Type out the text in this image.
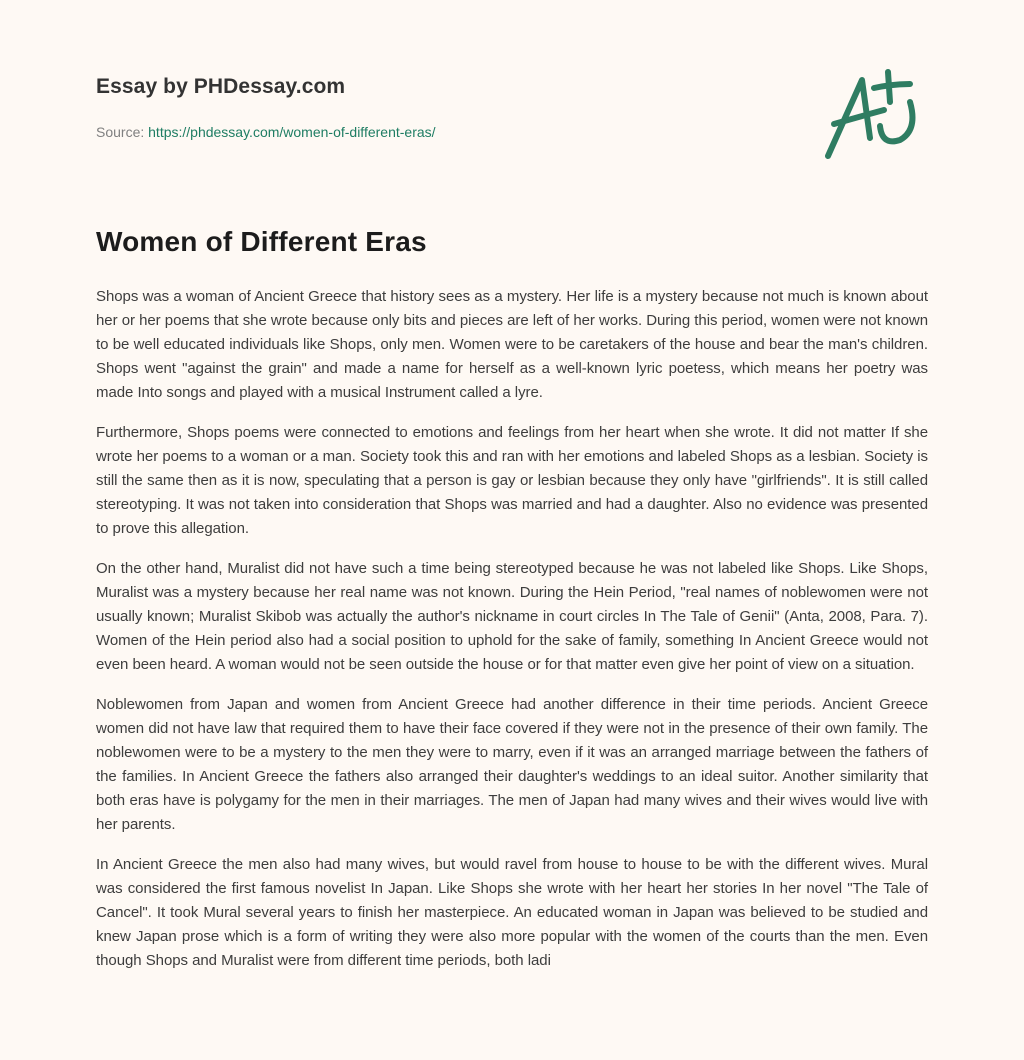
Essay by PHDessay.com
Source: https://phdessay.com/women-of-different-eras/
Women of Different Eras

Shops was a woman of Ancient Greece that history sees as a mystery. Her life is a mystery because not much is known about her or her poems that she wrote because only bits and pieces are left of her works. During this period, women were not known to be well educated individuals like Shops, only men. Women were to be caretakers of the house and bear the man's children. Shops went "against the grain" and made a name for herself as a well-known lyric poetess, which means her poetry was made Into songs and played with a musical Instrument called a lyre.

Furthermore, Shops poems were connected to emotions and feelings from her heart when she wrote. It did not matter If she wrote her poems to a woman or a man. Society took this and ran with her emotions and labeled Shops as a lesbian. Society is still the same then as it is now, speculating that a person is gay or lesbian because they only have "girlfriends". It is still called stereotyping. It was not taken into consideration that Shops was married and had a daughter. Also no evidence was presented to prove this allegation.

On the other hand, Muralist did not have such a time being stereotyped because he was not labeled like Shops. Like Shops, Muralist was a mystery because her real name was not known. During the Hein Period, "real names of noblewomen were not usually known; Muralist Skibob was actually the author's nickname in court circles In The Tale of Genii" (Anta, 2008, Para. 7). Women of the Hein period also had a social position to uphold for the sake of family, something In Ancient Greece would not even been heard. A woman would not be seen outside the house or for that matter even give her point of view on a situation.

Noblewomen from Japan and women from Ancient Greece had another difference in their time periods. Ancient Greece women did not have law that required them to have their face covered if they were not in the presence of their own family. The noblewomen were to be a mystery to the men they were to marry, even if it was an arranged marriage between the fathers of the families. In Ancient Greece the fathers also arranged their daughter's weddings to an ideal suitor. Another similarity that both eras have is polygamy for the men in their marriages. The men of Japan had many wives and their wives would live with her parents.

In Ancient Greece the men also had many wives, but would ravel from house to house to be with the different wives. Mural was considered the first famous novelist In Japan. Like Shops she wrote with her heart her stories In her novel "The Tale of Cancel". It took Mural several years to finish her masterpiece. An educated woman in Japan was believed to be studied and knew Japan prose which is a form of writing they were also more popular with the women of the courts than the men. Even though Shops and Muralist were from different time periods, both ladi
